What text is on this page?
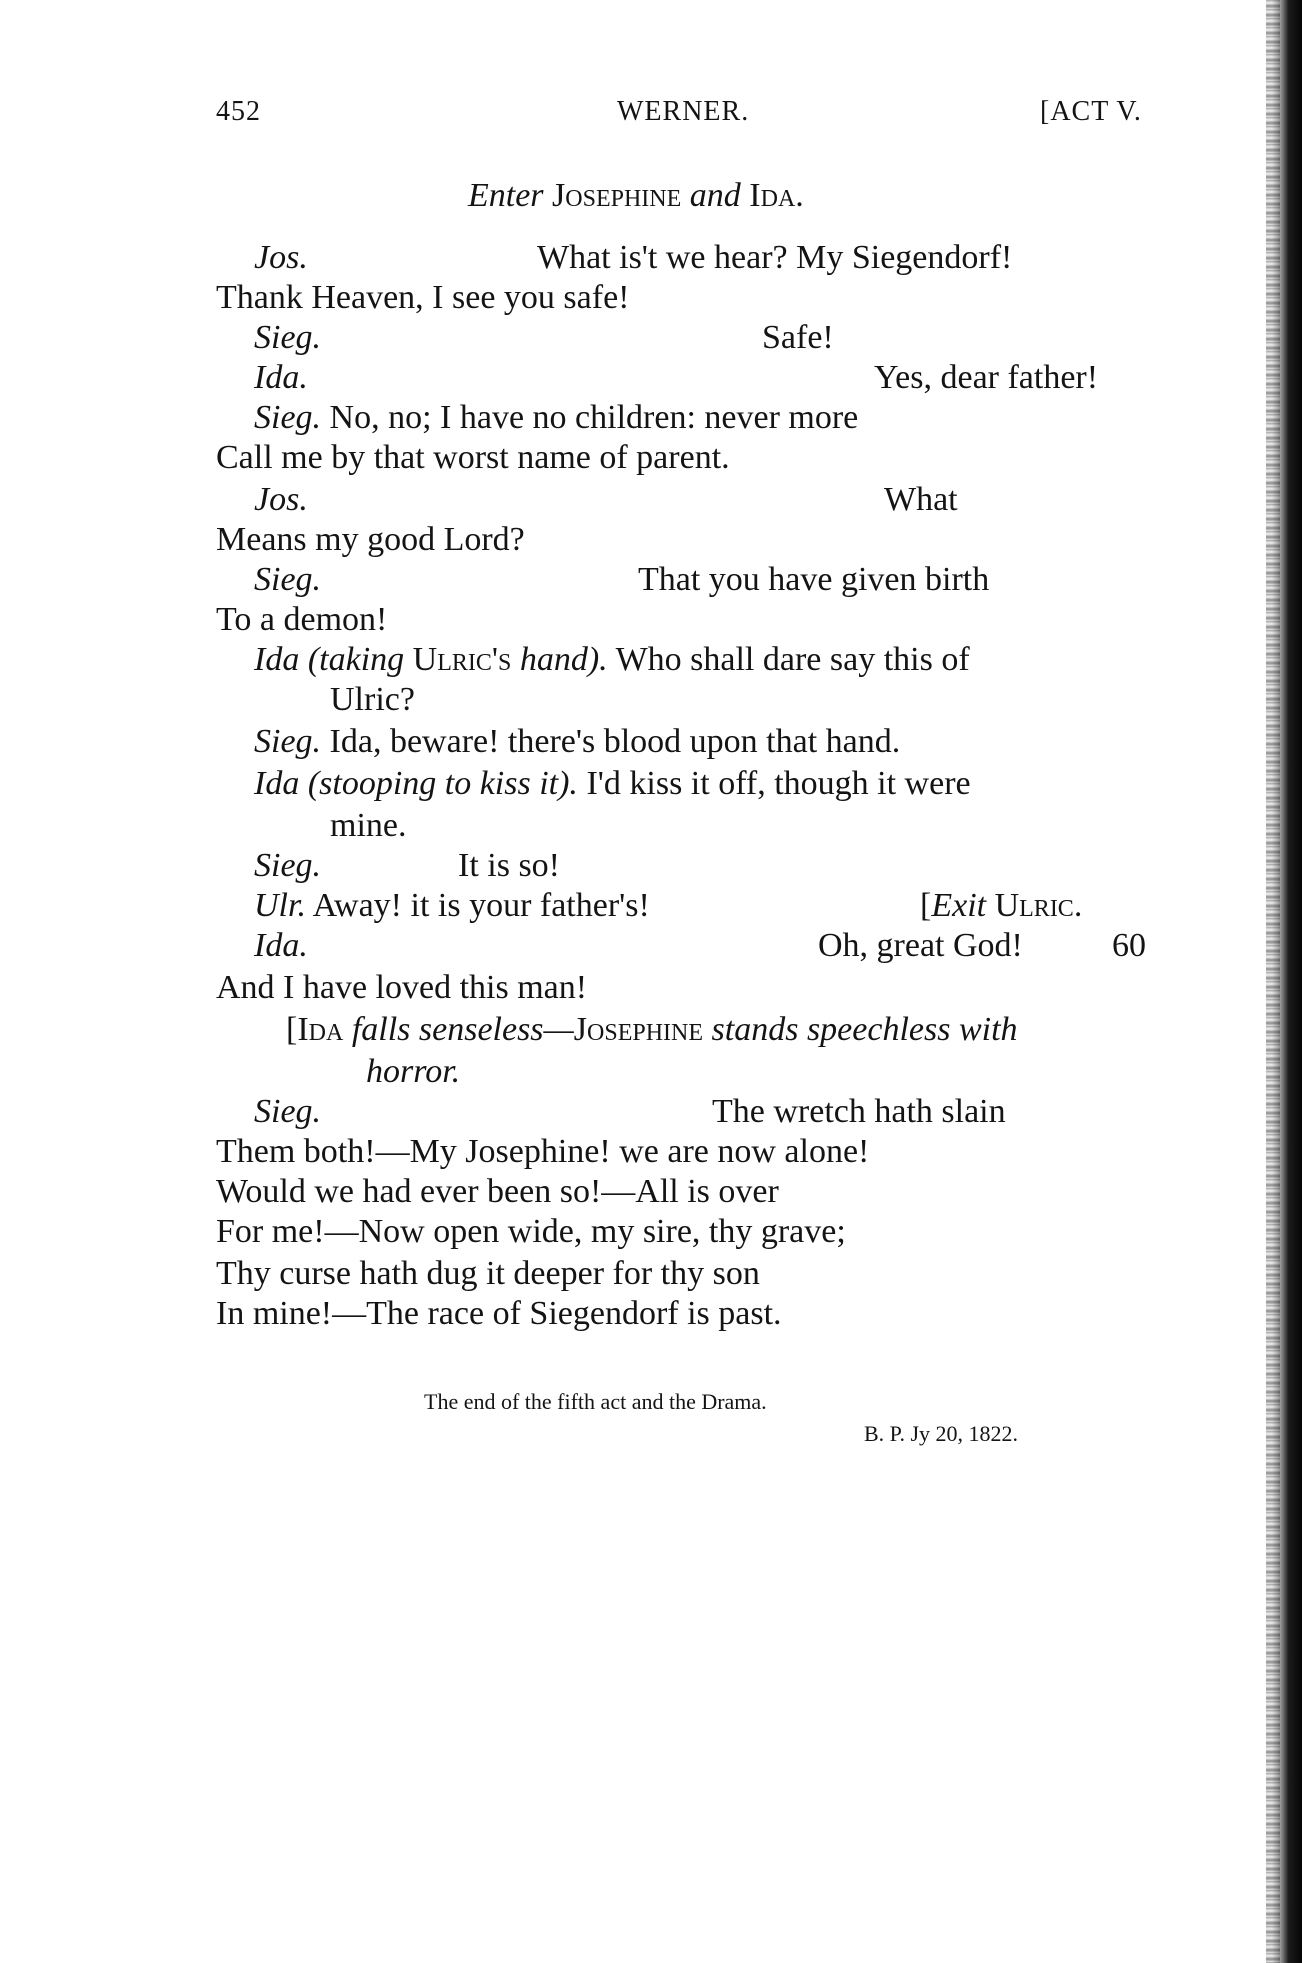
452	WERNER.	[ACT V.
Enter Josephine and Ida.
Jos.	What is't we hear? My Siegendorf!
Thank Heaven, I see you safe!
Sieg.	Safe!
Ida.	Yes, dear father!
Sieg. No, no; I have no children: never more
Call me by that worst name of parent.
Jos.	What
Means my good Lord?
Sieg.	That you have given birth
To a demon!
Ida (taking Ulric's hand). Who shall dare say this of
Ulric?
Sieg. Ida, beware! there's blood upon that hand.
Ida (stooping to kiss it). I'd kiss it off, though it were
mine.
Sieg.	It is so!
Ulr. Away! it is your father's!	[Exit Ulric.
Ida.	Oh, great God!	60
And I have loved this man!
[Ida falls senseless—Josephine stands speechless with
horror.
Sieg.	The wretch hath slain
Them both!—My Josephine! we are now alone!
Would we had ever been so!—All is over
For me!—Now open wide, my sire, thy grave;
Thy curse hath dug it deeper for thy son
In mine!—The race of Siegendorf is past.
The end of the fifth act and the Drama.
B. P. Jy 20, 1822.
